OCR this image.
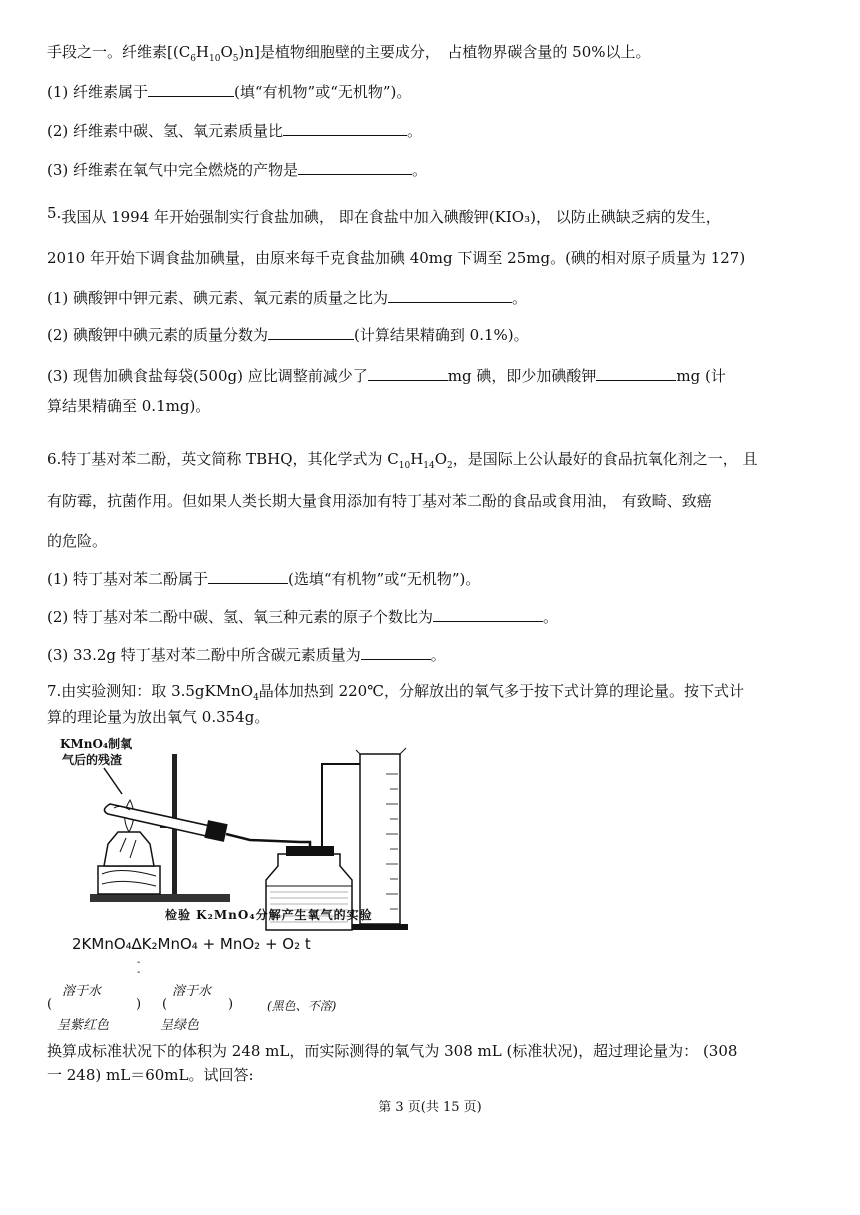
手段之一。纤维素$[(C_6H_{10}O_5)n]$是植物细胞壁的主要成分，　占植物界碳含量的 50%以上。
(1) 纤维素属于	(填“有机物”或“无机物”)。
(2) 纤维素中碳、氢、氧元素质量比	。
(3) 纤维素在氧气中完全燃烧的产物是	。
5.我国从 1994 年开始强制实行食盐加碘， 即在食盐中加入碘酸钾(KIO₃)， 以防止碘缺乏病的发生，
2010 年开始下调食盐加碘量，由原来每千克食盐加碘 40mg 下调至 25mg。(碘的相对原子质量为 127)
(1) 碘酸钾中钾元素、碘元素、氧元素的质量之比为	。
(2) 碘酸钾中碘元素的质量分数为	(计算结果精确到 0.1%)。
(3) 现售加碘食盐每袋(500g) 应比调整前减少了	mg 碘，即少加碘酸钾	mg (计
算结果精确至 0.1mg)。
6.特丁基对苯二酚，英文简称 TBHQ，其化学式为 $C_{10}H_{14}O_2$，是国际上公认最好的食品抗氧化剂之一， 且
有防霉，抗菌作用。但如果人类长期大量食用添加有特丁基对苯二酚的食品或食用油， 有致畸、致癌
的危险。
(1) 特丁基对苯二酚属于	(选填“有机物”或“无机物”)。
(2) 特丁基对苯二酚中碳、氢、氧三种元素的原子个数比为	。
(3) 33.2g 特丁基对苯二酚中所含碳元素质量为	。
7.由实验测知：取 3.5gKMnO$_4$晶体加热到 220℃，分解放出的氧气多于按下式计算的理论量。按下式计
算的理论量为放出氧气 0.354g。
KMnO₄制氧
气后的残渣
检验 K₂MnO₄分解产生氧气的实验
2KMnO₄∆K₂MnO₄ + MnO₂ + O₂ t
-
-
溶于水
(	)
呈紫红色
溶于水
(	)
呈绿色
(黑色、不溶)
换算成标准状况下的体积为 248 mL，而实际测得的氧气为 308 mL (标准状况)，超过理论量为： (308
一 248) mL＝60mL。试回答:
第 3 页(共 15 页)
